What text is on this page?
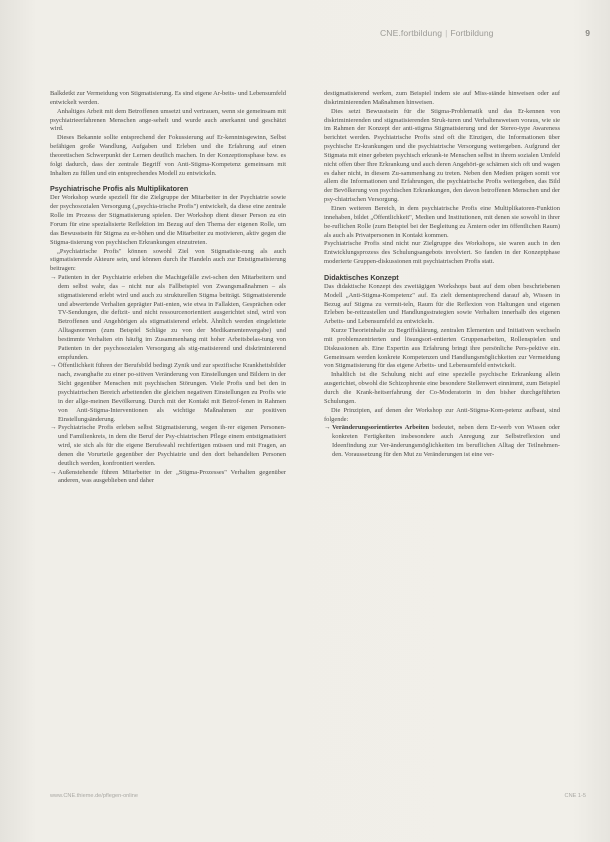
CNE.fortbildung | Fortbildung	9

Balkdetkt zur Vermeidung von Stigmatisierung. Es sind eigene Ar-beits- und Lebensumfeld entwickelt werden.

Anhaltiges Arbeit mit dem Betroffenen umsetzt und vertrauen, wenn sie gemeinsam mit psychiatrieerfahrenen Menschen ange-sehelt und wurde auch anerkannt und geschätzt wird.

Dieses Bekannte sollte entsprechend der Fokussierung auf Er-kenntnisgewinn, Selbst befähigen große Wandlung, Aufgaben und Erleben und die Erfahrung auf einen theoretischen Schwerpunkt der Lernen deutlich machen. In der Konzeptionsphase bzw. es folgt dadurch, dass der zentrale Begriff von Anti-Stigma-Kompetenz gemeinsam mit Inhalten zu füllen und ein entsprechendes Modell zu entwickeln.

Psychiatrische Profis als Multiplikatoren

Der Workshop wurde speziell für die Zielgruppe der Mitarbeiter in der Psychiatrie sowie der psychosozialen Versorgung („psychia-trische Profis") entwickelt, da diese eine zentrale Rolle im Prozess der Stigmatisierung spielen. Der Workshop dient dieser Person zu ein Forum für eine spezialisierte Reflektion im Bezug auf den Thema der eigenen Rolle, um das Bewusstsein für Stigma zu er-höhen und die Mitarbeiter zu motivieren, aktiv gegen die Stigma-tisierung von psychischen Erkrankungen einzutreten.

„Psychiatrische Profis" können sowohl Ziel von Stigmatisie-rung als auch stigmatisierende Akteure sein, und können durch ihr Handeln auch zur Entstigmatisierung beitragen:

→ Patienten in der Psychiatrie erleben die Machtgefälle zwi-schen den Mitarbeitern und dem selbst wahr, das – nicht nur als Fallbeispiel von Zwangsmaßnahmen – als stigmatisierend erlebt wird und auch zu strukturellen Stigma beiträgt. Stigmatisierende und abwertende Verhalten geprägter Pati-enten, wie etwa in Fallakten, Gesprächen oder TV-Sendungen, die defizit- und nicht ressourcenorientiert ausgerichtet sind, wird von Betroffenen und Angehörigen als stigmatisierend erlebt. Ähnlich werden eingeleitete Alltagsnormen (zum Beispiel Schläge zu von der Medikamentenvergabe) und bestimmte Verhalten ein häufig im Zusammenhang mit hoher Arbeitsbelas-tung von Patienten in der psychosozialen Versorgung als stig-matisierend und diskriminierend empfunden.
→ Öffentlichkeit führen der Berufsbild bedingt Zynik und zur spezifische Krankheitsbilder nach, zwanghafte zu einer po-sitiven Veränderung von Einstellungen und Bildern in der Sicht gegenüber Menschen mit psychischen Störungen. Viele Profis und bei den in psychiatrischen Bereich arbeitenden die gleichen negativen Einstellungen zu Profis wie in der allge-meinen Bevölkerung. Durch mit der Kontakt mit Betrof-fenen in Rahmen von Anti-Stigma-Interventionen als wichtige Maßnahmen zur positiven Einstellungsänderung.
→ Psychiatrische Profis erleben selbst Stigmatisierung, wegen ih-rer eigenen Personen- und Familienkreis, in dem die Beruf der Psy-chiatrischen Pflege einem entstigmatisiert wird, sie sich als für die eigene Berufswahl rechtfertigen müssen und mit Fragen, an denen die Vorurteile gegenüber der Psychiatrie und den dort behandelten Personen deutlich werden, konfrontiert werden.
→ Außenstehende führen Mitarbeiter in der „Stigma-Prozesses" Verhalten gegenüber anderen, was ausgeblieben und daher

destigmatisierend werken, zum Beispiel indem sie auf Miss-stände hinweisen oder auf diskriminierenden Maßnahmen hinweisen.

Dies setzt Bewusstsein für die Stigma-Problematik und das Er-kennen von diskriminierenden und stigmatisierenden Struk-turen und Verhaltensweisen voraus, wie sie im Rahmen der Konzept der anti-stigma Stigmatisierung und der Stereo-type Awareness berichtet werden. Psychiatrische Profis sind oft die Einzigen, die Informationen über psychische Er-krankungen und die psychiatrische Versorgung weitergeben. Aufgrund der Stigmata mit einer gebeten psychisch erkrank-te Menschen selbst in ihrem sozialen Umfeld nicht offen über Ihre Erkrankung und auch deren Angehöri-ge schämen sich oft und wagen es daher nicht, in diesem Zu-sammenhang zu treten. Neben den Medien prägen somit vor allem die Informationen und Erfahrungen, die psychiatrische Profis weitergeben, das Bild der Bevölkerung von psychischen Erkrankungen, den davon betroffenen Menschen und der psy-chiatrischen Versorgung.

Einen weiteren Bereich, in dem psychiatrische Profis eine Multiplikatoren-Funktion innehaben, bildet „Öffentlichkeit", Medien und Institutionen, mit denen sie sowohl in ihrer be-ruflichen Rolle (zum Beispiel bei der Begleitung zu Ämtern oder im öffentlichen Raum) als auch als Privatpersonen in Kontakt kommen.

Psychiatrische Profis sind nicht nur Zielgruppe des Workshops, sie waren auch in den Entwicklungsprozess des Schulungsangebots involviert. So fanden in der Konzeptphase moderierte Gruppen-diskussionen mit psychiatrischen Profis statt.

Didaktisches Konzept

Das didaktische Konzept des zweitägigen Workshops baut auf dem oben beschriebenen Modell „Anti-Stigma-Kompetenz" auf. Es zielt dementsprechend darauf ab, Wissen in Bezug auf Stigma zu vermit-teln, Raum für die Reflexion von Haltungen und eigenen Erleben be-reitzustellen und Handlungsstrategien sowie Verhalten innerhalb des eigenen Arbeits- und Lebensumfeld zu entwickeln.

Kurze Theorieinhalte zu Begriffsklärung, zentralen Elementen und Initiativen wechseln mit problemzentrierten und lösungsori-entierten Gruppenarbeiten, Rollenspielen und Diskussionen ab. Eine Expertin aus Erfahrung bringt ihre persönliche Pers-pektive ein. Gemeinsam werden konkrete Kompetenzen und Handlungsmöglichkeiten zur Vermeidung von Stigmatisierung für das eigene Arbeits- und Lebensumfeld entwickelt.

Inhaltlich ist die Schulung nicht auf eine spezielle psychische Erkrankung allein ausgerichtet, obwohl die Schizophrenie eine besondere Stellenwert einnimmt, zum Beispiel durch die Krank-heitserfahrung der Co-Moderatorin in den bisher durchgeführten Schulungen.

Die Prinzipien, auf denen der Workshop zur Anti-Stigma-Kom-petenz aufbaut, sind folgende:

→ Veränderungsorientiertes Arbeiten bedeutet, neben dem Er-werb von Wissen oder konkreten Fertigkeiten insbesondere auch Anregung zur Selbstreflexion und Ideenfindung zur Ver-änderungsmöglichkeiten im beruflichen Alltag der Teilnehmen-den. Voraussetzung für den Mut zu Veränderungen ist eine ver-
www.CNE.thieme.de/pflegen-online	CNE 1-5
